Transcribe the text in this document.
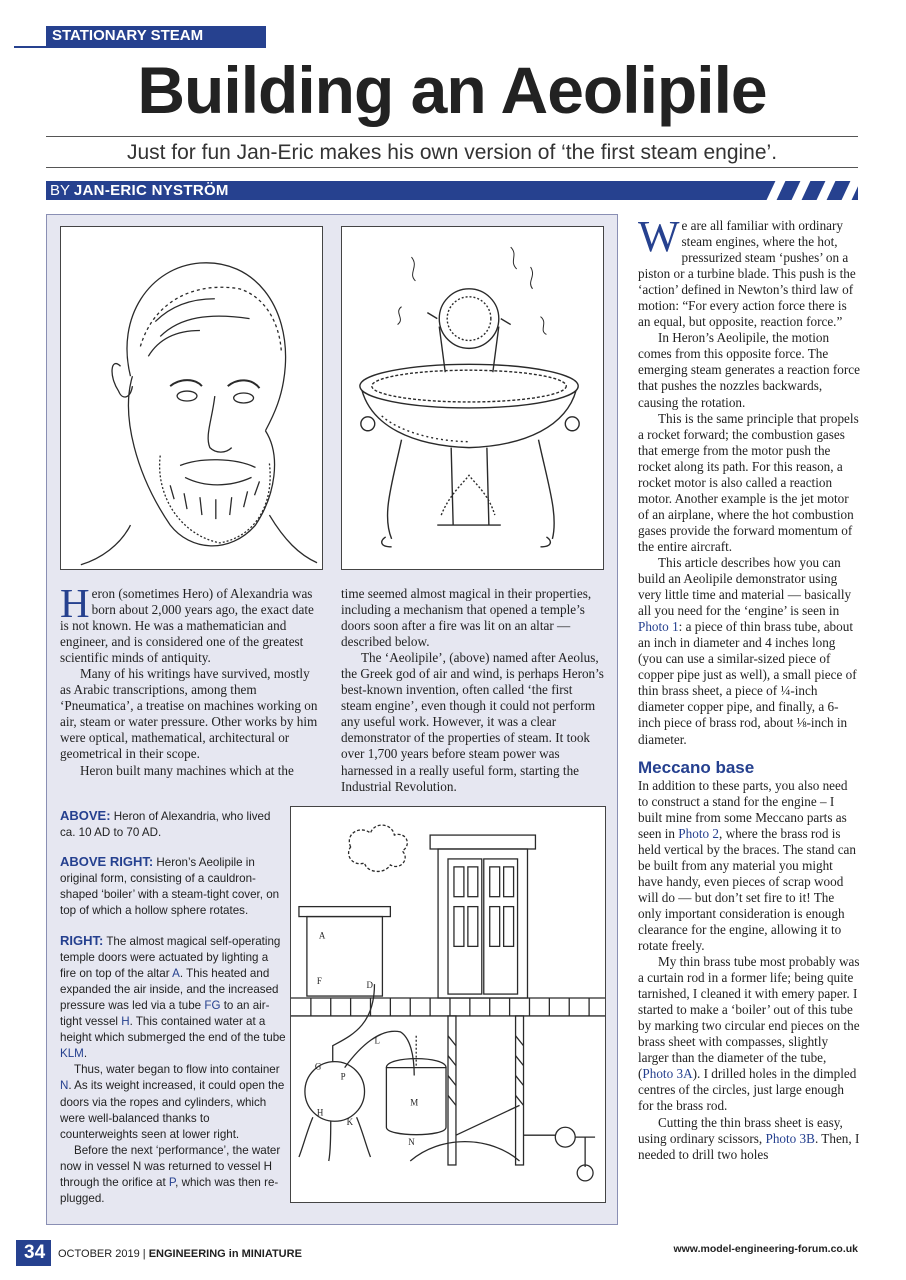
STATIONARY STEAM
Building an Aeolipile
Just for fun Jan-Eric makes his own version of ‘the first steam engine’.
BY JAN-ERIC NYSTRÖM

Heron (sometimes Hero) of Alexandria was born about 2,000 years ago, the exact date is not known. He was a mathematician and engineer, and is considered one of the greatest scientific minds of antiquity.

Many of his writings have survived, mostly as Arabic transcriptions, among them ‘Pneumatica’, a treatise on machines working on air, steam or water pressure. Other works by him were optical, mathematical, architectural or geometrical in their scope.

Heron built many machines which at the

time seemed almost magical in their properties, including a mechanism that opened a temple’s doors soon after a fire was lit on an altar — described below.

The ‘Aeolipile’, (above) named after Aeolus, the Greek god of air and wind, is perhaps Heron’s best-known invention, often called ‘the first steam engine’, even though it could not perform any useful work. However, it was a clear demonstrator of the properties of steam. It took over 1,700 years before steam power was harnessed in a really useful form, starting the Industrial Revolution.

ABOVE: Heron of Alexandria, who lived ca. 10 AD to 70 AD.

ABOVE RIGHT: Heron’s Aeolipile in original form, consisting of a cauldron-shaped ‘boiler’ with a steam-tight cover, on top of which a hollow sphere rotates.

RIGHT: The almost magical self-operating temple doors were actuated by lighting a fire on top of the altar A. This heated and expanded the air inside, and the increased pressure was led via a tube FG to an air-tight vessel H. This contained water at a height which submerged the end of the tube KLM.

Thus, water began to flow into container N. As its weight increased, it could open the doors via the ropes and cylinders, which were well-balanced thanks to counterweights seen at lower right.

Before the next ‘performance’, the water now in vessel N was returned to vessel H through the orifice at P, which was then re-plugged.

A
F	D
G
P
H
K
L
M
N

We are all familiar with ordinary steam engines, where the hot, pressurized steam ‘pushes’ on a piston or a turbine blade. This push is the ‘action’ defined in Newton’s third law of motion: “For every action force there is an equal, but opposite, reaction force.”

In Heron’s Aeolipile, the motion comes from this opposite force. The emerging steam generates a reaction force that pushes the nozzles backwards, causing the rotation.

This is the same principle that propels a rocket forward; the combustion gases that emerge from the motor push the rocket along its path. For this reason, a rocket motor is also called a reaction motor. Another example is the jet motor of an airplane, where the hot combustion gases provide the forward momentum of the entire aircraft.

This article describes how you can build an Aeolipile demonstrator using very little time and material — basically all you need for the ‘engine’ is seen in Photo 1: a piece of thin brass tube, about an inch in diameter and 4 inches long (you can use a similar-sized piece of copper pipe just as well), a small piece of thin brass sheet, a piece of ¼-inch diameter copper pipe, and finally, a 6-inch piece of brass rod, about ⅛-inch in diameter.

Meccano base

In addition to these parts, you also need to construct a stand for the engine – I built mine from some Meccano parts as seen in Photo 2, where the brass rod is held vertical by the braces. The stand can be built from any material you might have handy, even pieces of scrap wood will do — but don’t set fire to it! The only important consideration is enough clearance for the engine, allowing it to rotate freely.

My thin brass tube most probably was a curtain rod in a former life; being quite tarnished, I cleaned it with emery paper. I started to make a ‘boiler’ out of this tube by marking two circular end pieces on the brass sheet with compasses, slightly larger than the diameter of the tube, (Photo 3A). I drilled holes in the dimpled centres of the circles, just large enough for the brass rod.

Cutting the thin brass sheet is easy, using ordinary scissors, Photo 3B. Then, I needed to drill two holes

34	OCTOBER 2019 | ENGINEERING in MINIATURE	www.model-engineering-forum.co.uk
